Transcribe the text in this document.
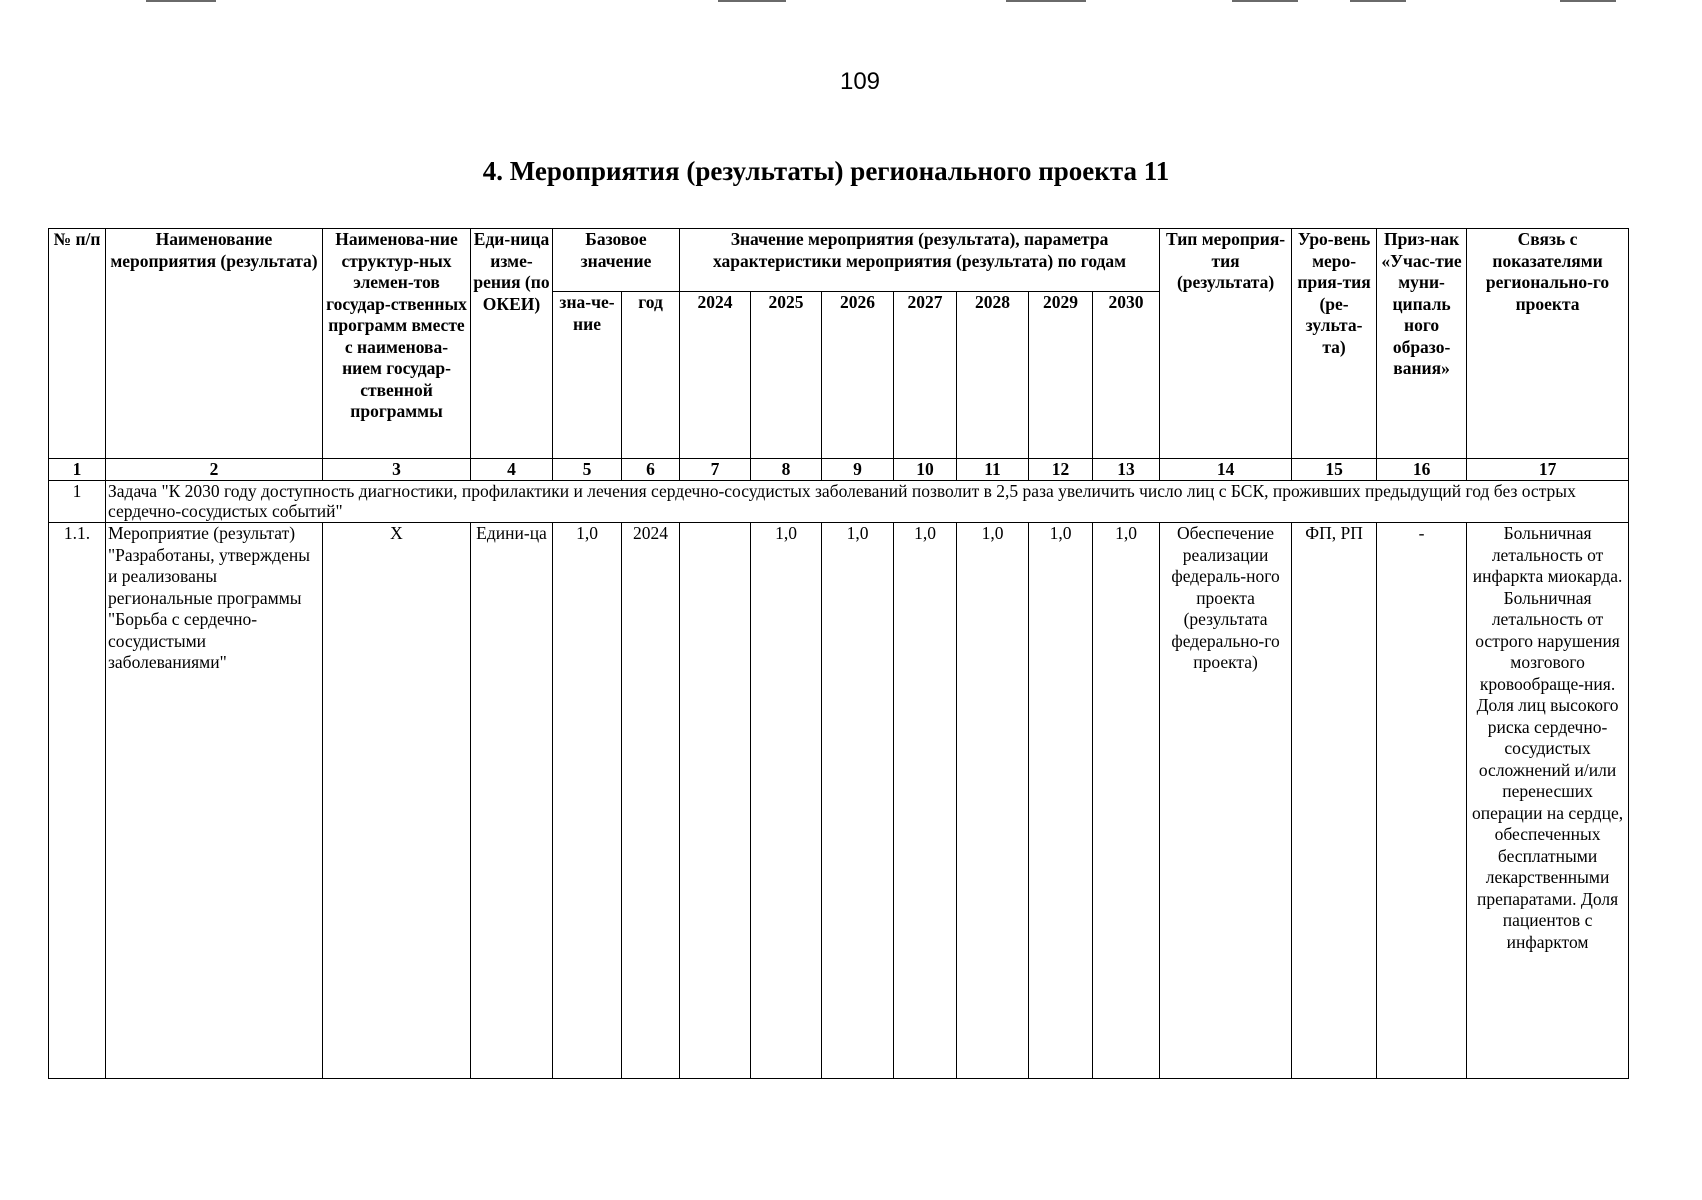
109
4. Мероприятия (результаты) регионального проекта 11
№ п/п	Наименование мероприятия (результата)	Наименова-ние структур-ных элемен-тов государ-ственных программ вместе с наименова-нием государ-ственной программы	Еди-ница изме-рения (по ОКЕИ)	Базовое значение		Значение мероприятия (результата), параметра характеристики мероприятия (результата) по годам							Тип мероприя-тия (результата)	Уро-вень меро-прия-тия (ре-зульта-та)	Приз-нак «Учас-тие муни-ципаль ного образо-вания»	Связь с показателями регионально-го проекта
				зна-че-ние	год	2024	2025	2026	2027	2028	2029	2030				
1	2	3	4	5	6	7	8	9	10	11	12	13	14	15	16	17
1	Задача "К 2030 году доступность диагностики, профилактики и лечения сердечно-сосудистых заболеваний позволит в 2,5 раза увеличить число лиц с БСК, проживших предыдущий год без острых сердечно-сосудистых событий"															
1.1.	Мероприятие (результат) "Разработаны, утверждены и реализованы региональные программы "Борьба с сердечно-сосудистыми заболеваниями"	X	Едини-ца	1,0	2024		1,0	1,0	1,0	1,0	1,0	1,0	Обеспечение реализации федераль-ного проекта (результата федерально-го проекта)	ФП, РП	-	Больничная летальность от инфаркта миокарда. Больничная летальность от острого нарушения мозгового кровообраще-ния. Доля лиц высокого риска сердечно-сосудистых осложнений и/или перенесших операции на сердце, обеспеченных бесплатными лекарственными препаратами. Доля пациентов с инфарктом
